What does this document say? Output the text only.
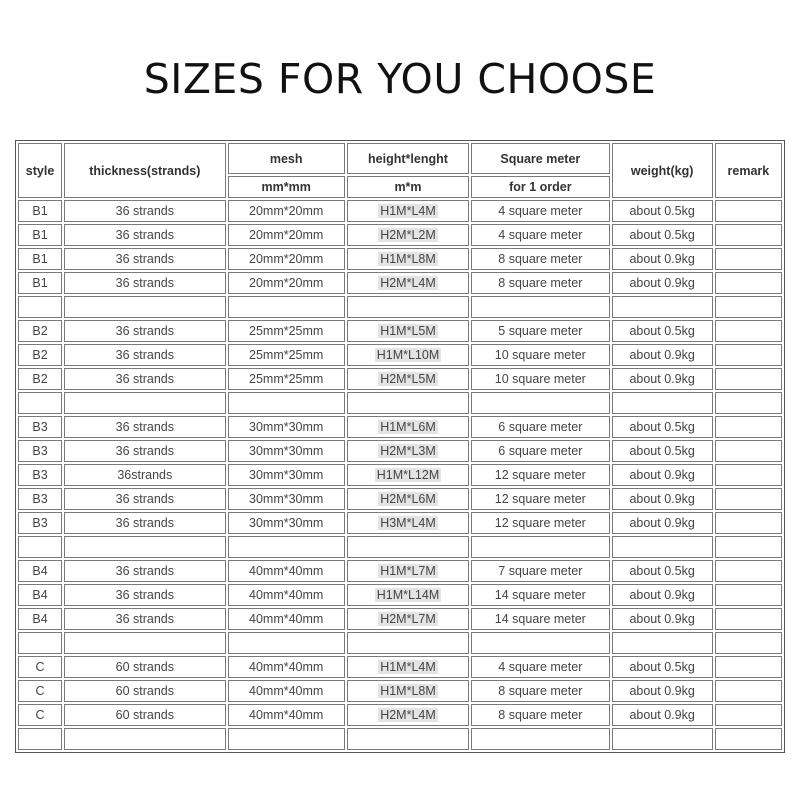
SIZES FOR YOU CHOOSE
style	thickness(strands)	mesh	height*lenght	Square meter	weight(kg)	remark
		mm*mm	m*m	for 1 order		
B1	36 strands	20mm*20mm	H1M*L4M	4 square meter	about 0.5kg	
B1	36 strands	20mm*20mm	H2M*L2M	4 square meter	about 0.5kg	
B1	36 strands	20mm*20mm	H1M*L8M	8 square meter	about 0.9kg	
B1	36 strands	20mm*20mm	H2M*L4M	8 square meter	about 0.9kg	

B2	36 strands	25mm*25mm	H1M*L5M	5 square meter	about 0.5kg	
B2	36 strands	25mm*25mm	H1M*L10M	10 square meter	about 0.9kg	
B2	36 strands	25mm*25mm	H2M*L5M	10 square meter	about 0.9kg	

B3	36 strands	30mm*30mm	H1M*L6M	6 square meter	about 0.5kg	
B3	36 strands	30mm*30mm	H2M*L3M	6 square meter	about 0.5kg	
B3	36strands	30mm*30mm	H1M*L12M	12 square meter	about 0.9kg	
B3	36 strands	30mm*30mm	H2M*L6M	12 square meter	about 0.9kg	
B3	36 strands	30mm*30mm	H3M*L4M	12 square meter	about 0.9kg	

B4	36 strands	40mm*40mm	H1M*L7M	7 square meter	about 0.5kg	
B4	36 strands	40mm*40mm	H1M*L14M	14 square meter	about 0.9kg	
B4	36 strands	40mm*40mm	H2M*L7M	14 square meter	about 0.9kg	

C	60 strands	40mm*40mm	H1M*L4M	4 square meter	about 0.5kg	
C	60 strands	40mm*40mm	H1M*L8M	8 square meter	about 0.9kg	
C	60 strands	40mm*40mm	H2M*L4M	8 square meter	about 0.9kg	
